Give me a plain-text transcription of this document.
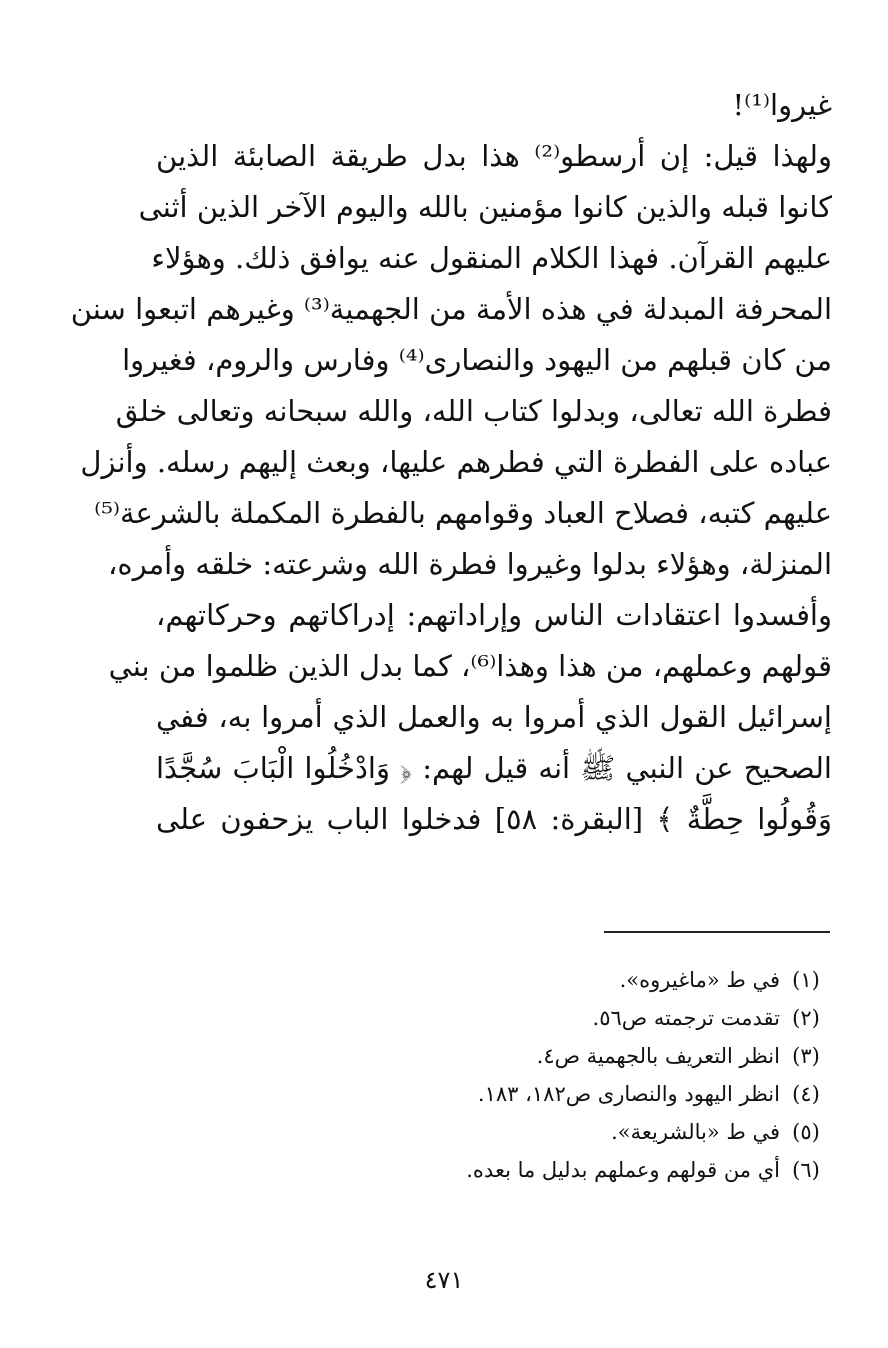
غيروا⁽¹⁾!
ولهذا قيل: إن أرسطو⁽²⁾ هذا بدل طريقة الصابئة الذين
كانوا قبله والذين كانوا مؤمنين بالله واليوم الآخر الذين أثنى
عليهم القرآن. فهذا الكلام المنقول عنه يوافق ذلك. وهؤلاء
المحرفة المبدلة في هذه الأمة من الجهمية⁽³⁾ وغيرهم اتبعوا سنن
من كان قبلهم من اليهود والنصارى⁽⁴⁾ وفارس والروم، فغيروا
فطرة الله تعالى، وبدلوا كتاب الله، والله سبحانه وتعالى خلق
عباده على الفطرة التي فطرهم عليها، وبعث إليهم رسله. وأنزل
عليهم كتبه، فصلاح العباد وقوامهم بالفطرة المكملة بالشرعة⁽⁵⁾
المنزلة، وهؤلاء بدلوا وغيروا فطرة الله وشرعته: خلقه وأمره،
وأفسدوا اعتقادات الناس وإراداتهم: إدراكاتهم وحركاتهم،
قولهم وعملهم، من هذا وهذا⁽⁶⁾، كما بدل الذين ظلموا من بني
إسرائيل القول الذي أمروا به والعمل الذي أمروا به، ففي
الصحيح عن النبي ﷺ أنه قيل لهم: ﴿ وَادْخُلُوا الْبَابَ سُجَّدًا
وَقُولُوا حِطَّةٌ ﴾ [البقرة: ٥٨] فدخلوا الباب يزحفون على
(١)
في ط «ماغيروه».
(٢)
تقدمت ترجمته ص٥٦.
(٣)
انظر التعريف بالجهمية ص٤.
(٤)
انظر اليهود والنصارى ص١٨٢، ١٨٣.
(٥)
في ط «بالشريعة».
(٦)
أي من قولهم وعملهم بدليل ما بعده.
٤٧١
